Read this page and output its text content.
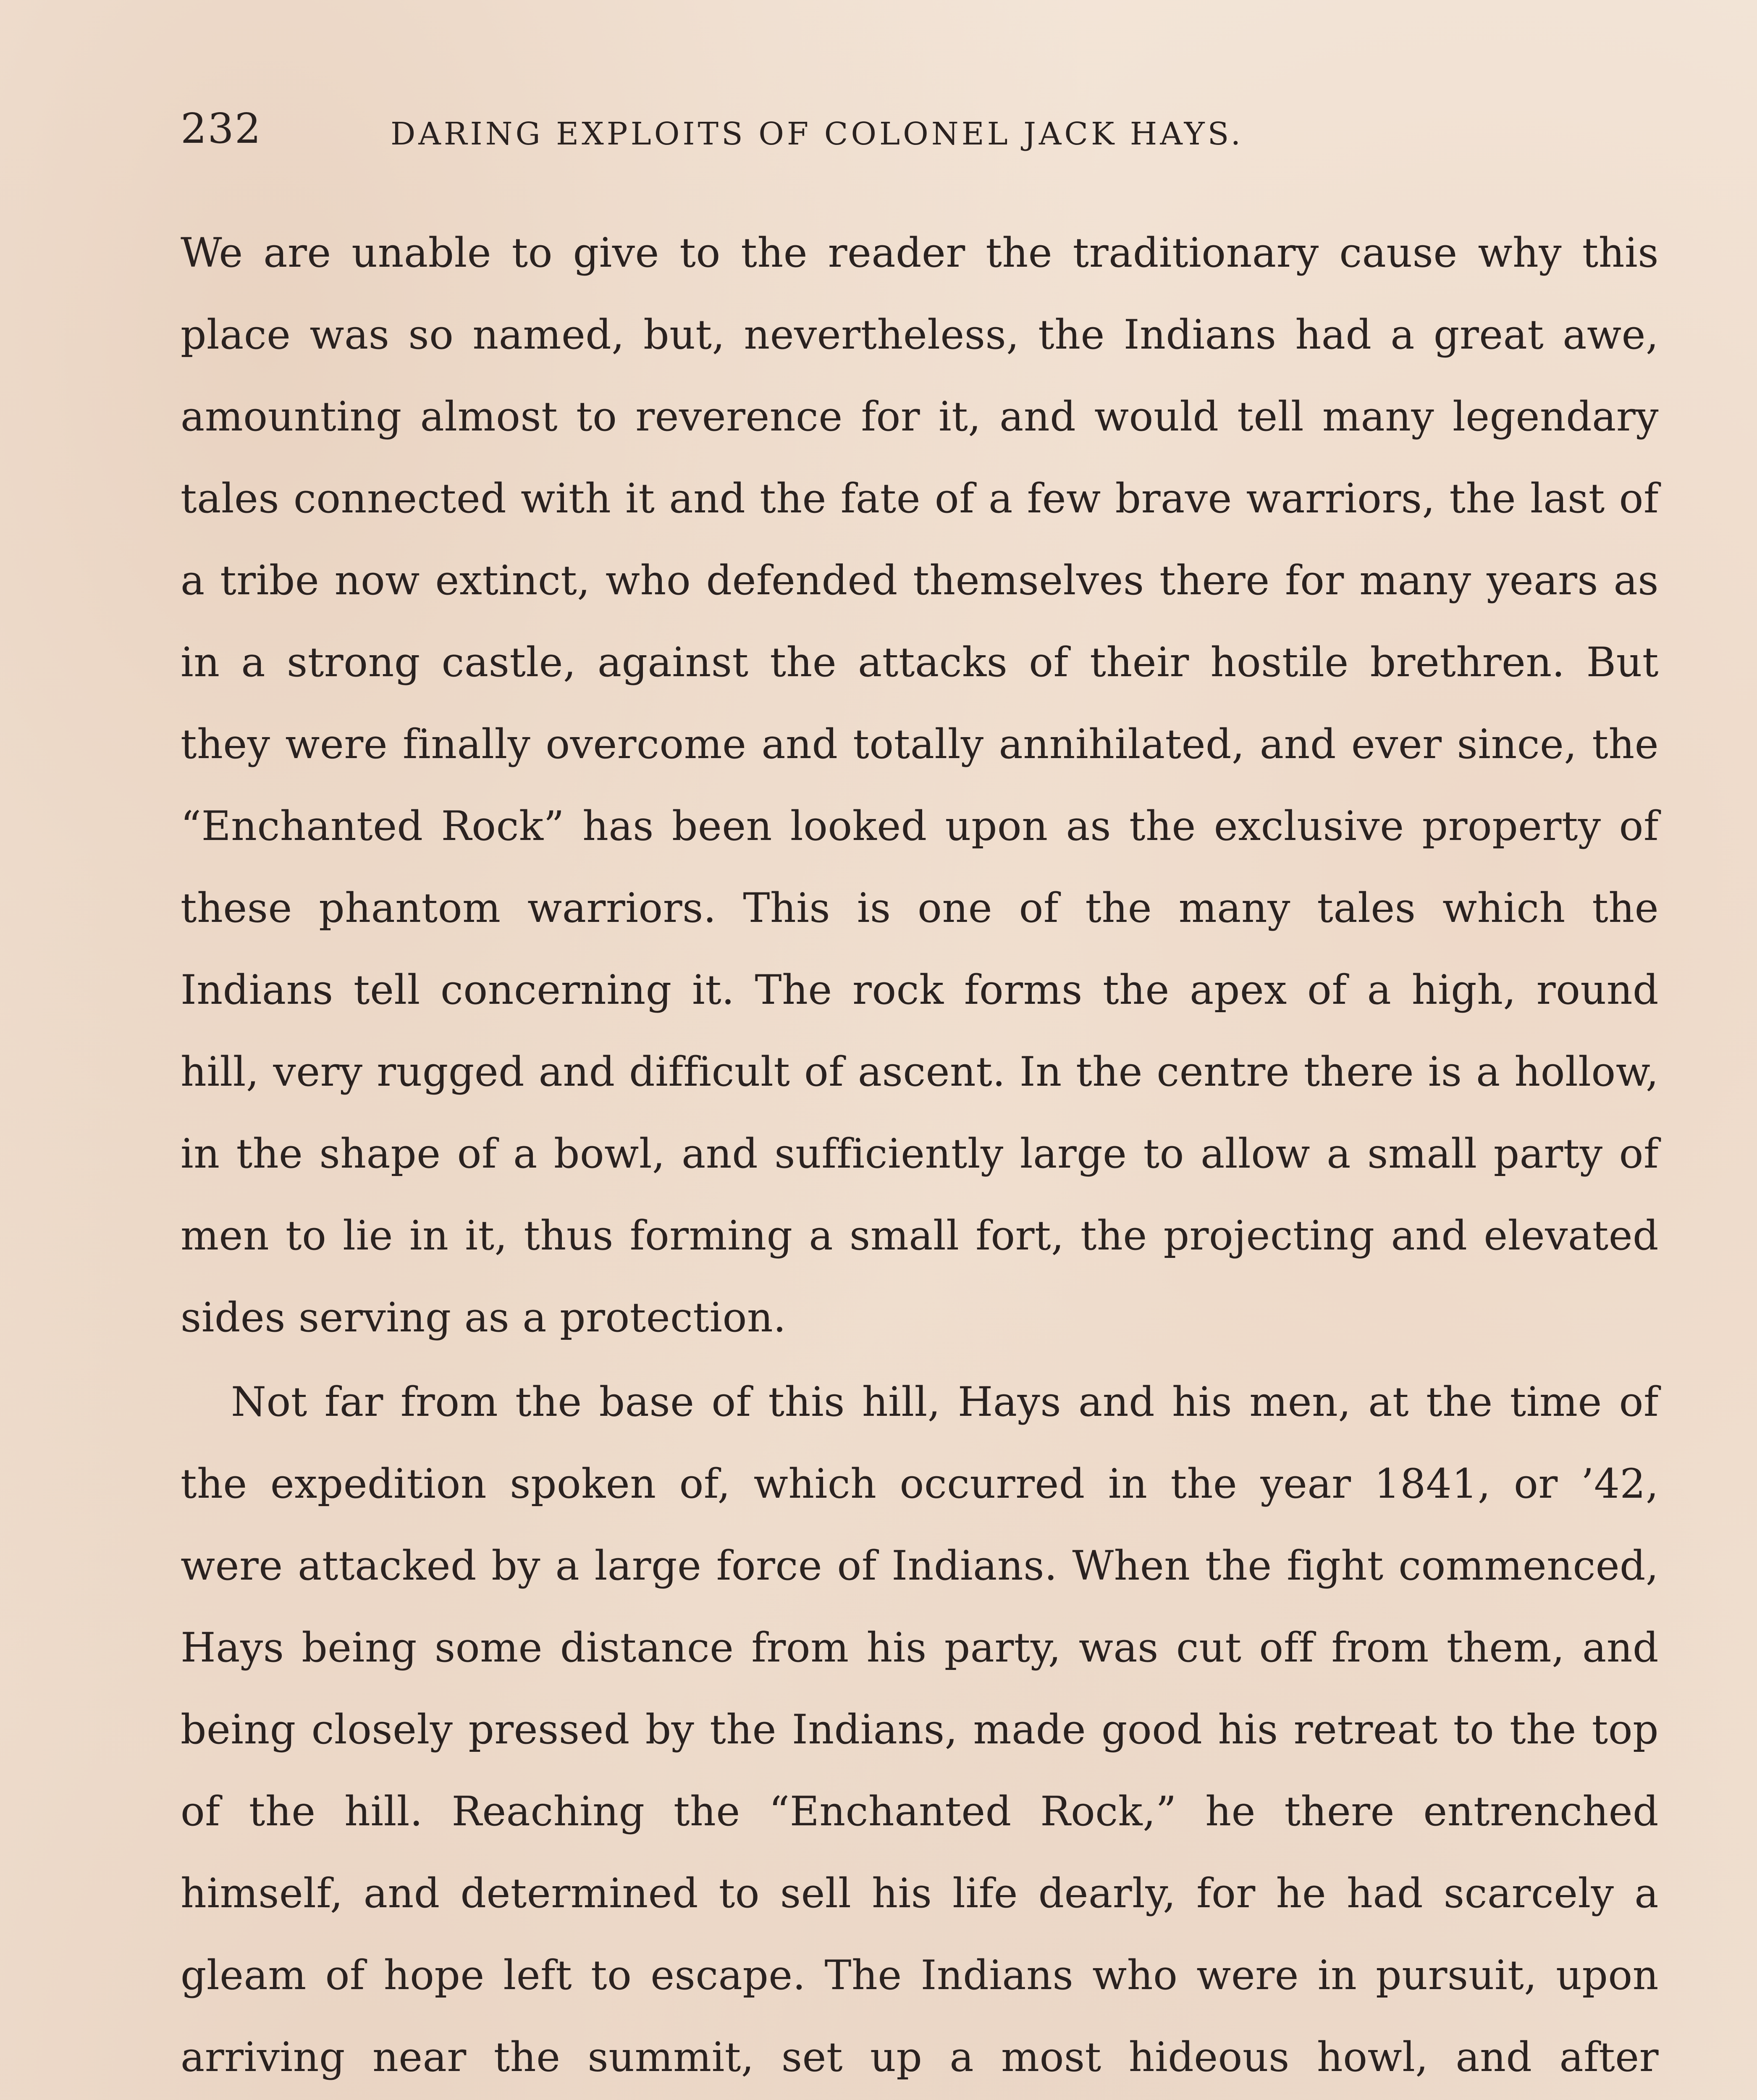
232	DARING EXPLOITS OF COLONEL JACK HAYS.

We are unable to give to the reader the traditionary cause why this place was so named, but, nevertheless, the Indians had a great awe, amounting almost to reverence for it, and would tell many legendary tales connected with it and the fate of a few brave warriors, the last of a tribe now extinct, who defended themselves there for many years as in a strong castle, against the attacks of their hostile brethren. But they were finally overcome and totally annihilated, and ever since, the “Enchanted Rock” has been looked upon as the exclusive property of these phantom warriors. This is one of the many tales which the Indians tell concerning it. The rock forms the apex of a high, round hill, very rugged and difficult of ascent. In the centre there is a hollow, in the shape of a bowl, and sufficiently large to allow a small party of men to lie in it, thus forming a small fort, the projecting and elevated sides serving as a protection.

Not far from the base of this hill, Hays and his men, at the time of the expedition spoken of, which occurred in the year 1841, or ’42, were attacked by a large force of Indians. When the fight commenced, Hays being some distance from his party, was cut off from them, and being closely pressed by the Indians, made good his retreat to the top of the hill. Reaching the “Enchanted Rock,” he there entrenched himself, and determined to sell his life dearly, for he had scarcely a gleam of hope left to escape. The Indians who were in pursuit, upon arriving near the summit, set up a most hideous howl, and after
